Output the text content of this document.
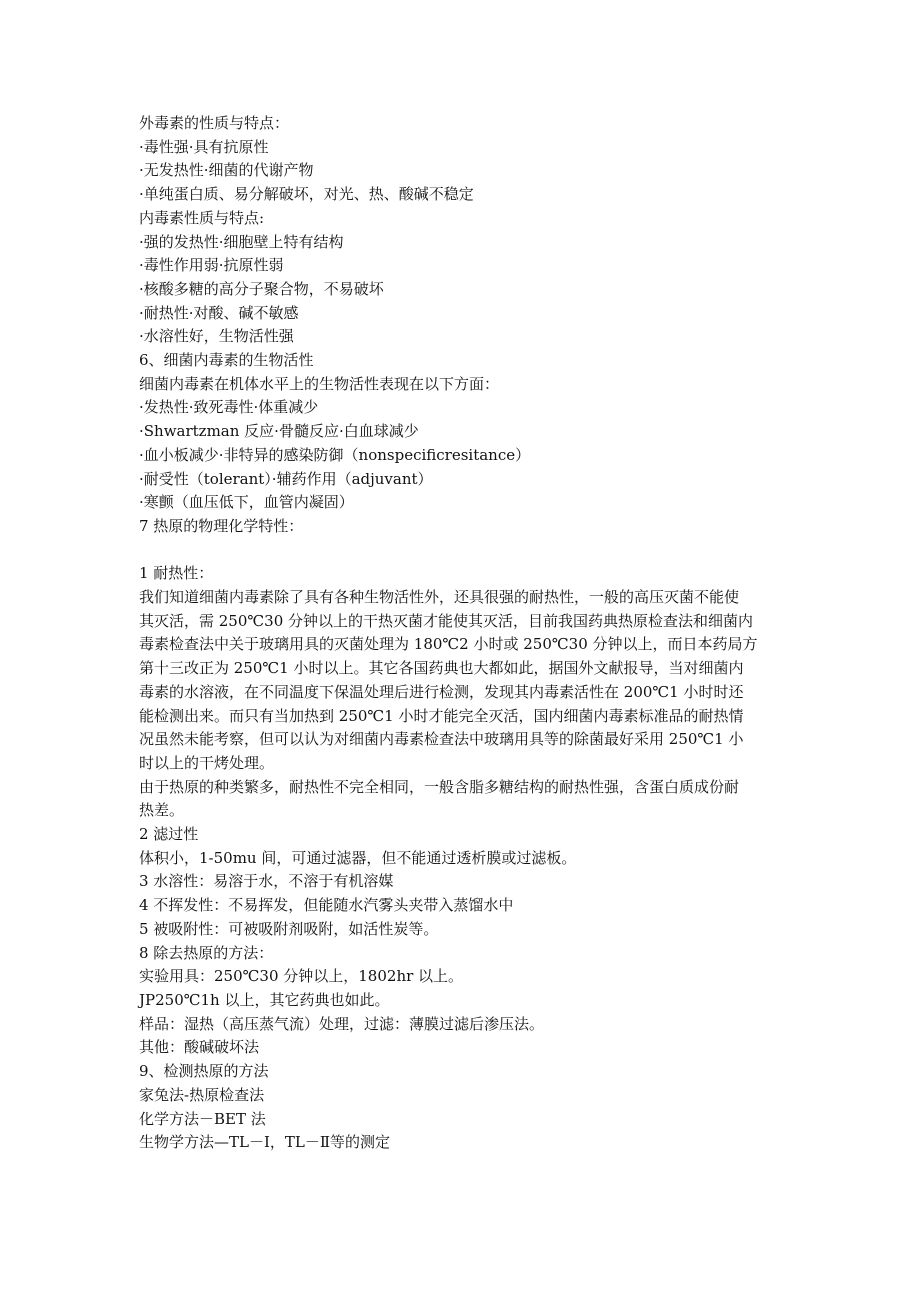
外毒素的性质与特点：
·毒性强·具有抗原性
·无发热性·细菌的代谢产物
·单纯蛋白质、易分解破坏，对光、热、酸碱不稳定
内毒素性质与特点:
·强的发热性·细胞壁上特有结构
·毒性作用弱·抗原性弱
·核酸多糖的高分子聚合物，不易破坏
·耐热性·对酸、碱不敏感
·水溶性好，生物活性强
6、细菌内毒素的生物活性
细菌内毒素在机体水平上的生物活性表现在以下方面：
·发热性·致死毒性·体重减少
·Shwartzman 反应·骨髓反应·白血球减少
·血小板减少·非特异的感染防御（nonspecificresitance）
·耐受性（tolerant）·辅药作用（adjuvant）
·寒颤（血压低下，血管内凝固）
7 热原的物理化学特性：
1 耐热性：
我们知道细菌内毒素除了具有各种生物活性外，还具很强的耐热性，一般的高压灭菌不能使
其灭活，需 250℃30 分钟以上的干热灭菌才能使其灭活，目前我国药典热原检查法和细菌内
毒素检查法中关于玻璃用具的灭菌处理为 180℃2 小时或 250℃30 分钟以上，而日本药局方
第十三改正为 250℃1 小时以上。其它各国药典也大都如此，据国外文献报导，当对细菌内
毒素的水溶液，在不同温度下保温处理后进行检测，发现其内毒素活性在 200℃1 小时时还
能检测出来。而只有当加热到 250℃1 小时才能完全灭活，国内细菌内毒素标准品的耐热情
况虽然未能考察，但可以认为对细菌内毒素检查法中玻璃用具等的除菌最好采用 250℃1 小
时以上的干烤处理。
由于热原的种类繁多，耐热性不完全相同，一般含脂多糖结构的耐热性强，含蛋白质成份耐
热差。
2 滤过性
体积小，1-50mu 间，可通过滤器，但不能通过透析膜或过滤板。
3 水溶性：易溶于水，不溶于有机溶媒
4 不挥发性：不易挥发，但能随水汽雾头夹带入蒸馏水中
5 被吸附性：可被吸附剂吸附，如活性炭等。
8 除去热原的方法：
实验用具：250℃30 分钟以上，1802hr 以上。
JP250℃1h 以上，其它药典也如此。
样品：湿热（高压蒸气流）处理，过滤：薄膜过滤后渗压法。
其他：酸碱破坏法
9、检测热原的方法
家兔法-热原检查法
化学方法－BET 法
生物学方法—TL－Ⅰ，TL－Ⅱ等的测定
